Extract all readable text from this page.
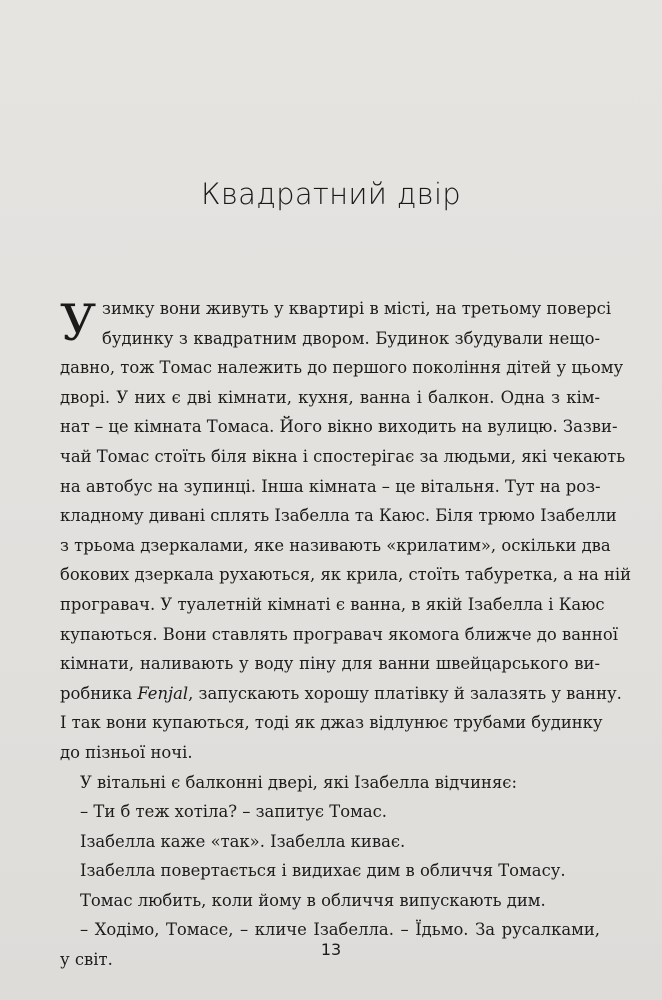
Квадратний двір
У зимку вони живуть у квартирі в місті, на третьому поверсі
будинку з квадратним двором. Будинок збудували нещо-
давно, тож Томас належить до першого покоління дітей у цьому
дворі. У них є дві кімнати, кухня, ванна і балкон. Одна з кім-
нат – це кімната Томаса. Його вікно виходить на вулицю. Зазви-
чай Томас стоїть біля вікна і спостерігає за людьми, які чекають
на автобус на зупинці. Інша кімната – це вітальня. Тут на роз-
кладному дивані сплять Ізабелла та Каюс. Біля трюмо Ізабелли
з трьома дзеркалами, яке називають «крилатим», оскільки два
бокових дзеркала рухаються, як крила, стоїть табуретка, а на ній
програвач. У туалетній кімнаті є ванна, в якій Ізабелла і Каюс
купаються. Вони ставлять програвач якомога ближче до ванної
кімнати, наливають у воду піну для ванни швейцарського ви-
робника Fenjal, запускають хорошу платівку й залазять у ванну.
І так вони купаються, тоді як джаз відлунює трубами будинку
до пізньої ночі.
У вітальні є балконні двері, які Ізабелла відчиняє:
– Ти б теж хотіла? – запитує Томас.
Ізабелла каже «так». Ізабелла киває.
Ізабелла повертається і видихає дим в обличчя Томасу.
Томас любить, коли йому в обличчя випускають дим.
– Ходімо, Томасе, – кличе Ізабелла. – Їдьмо. За русалками,
у світ.
13
